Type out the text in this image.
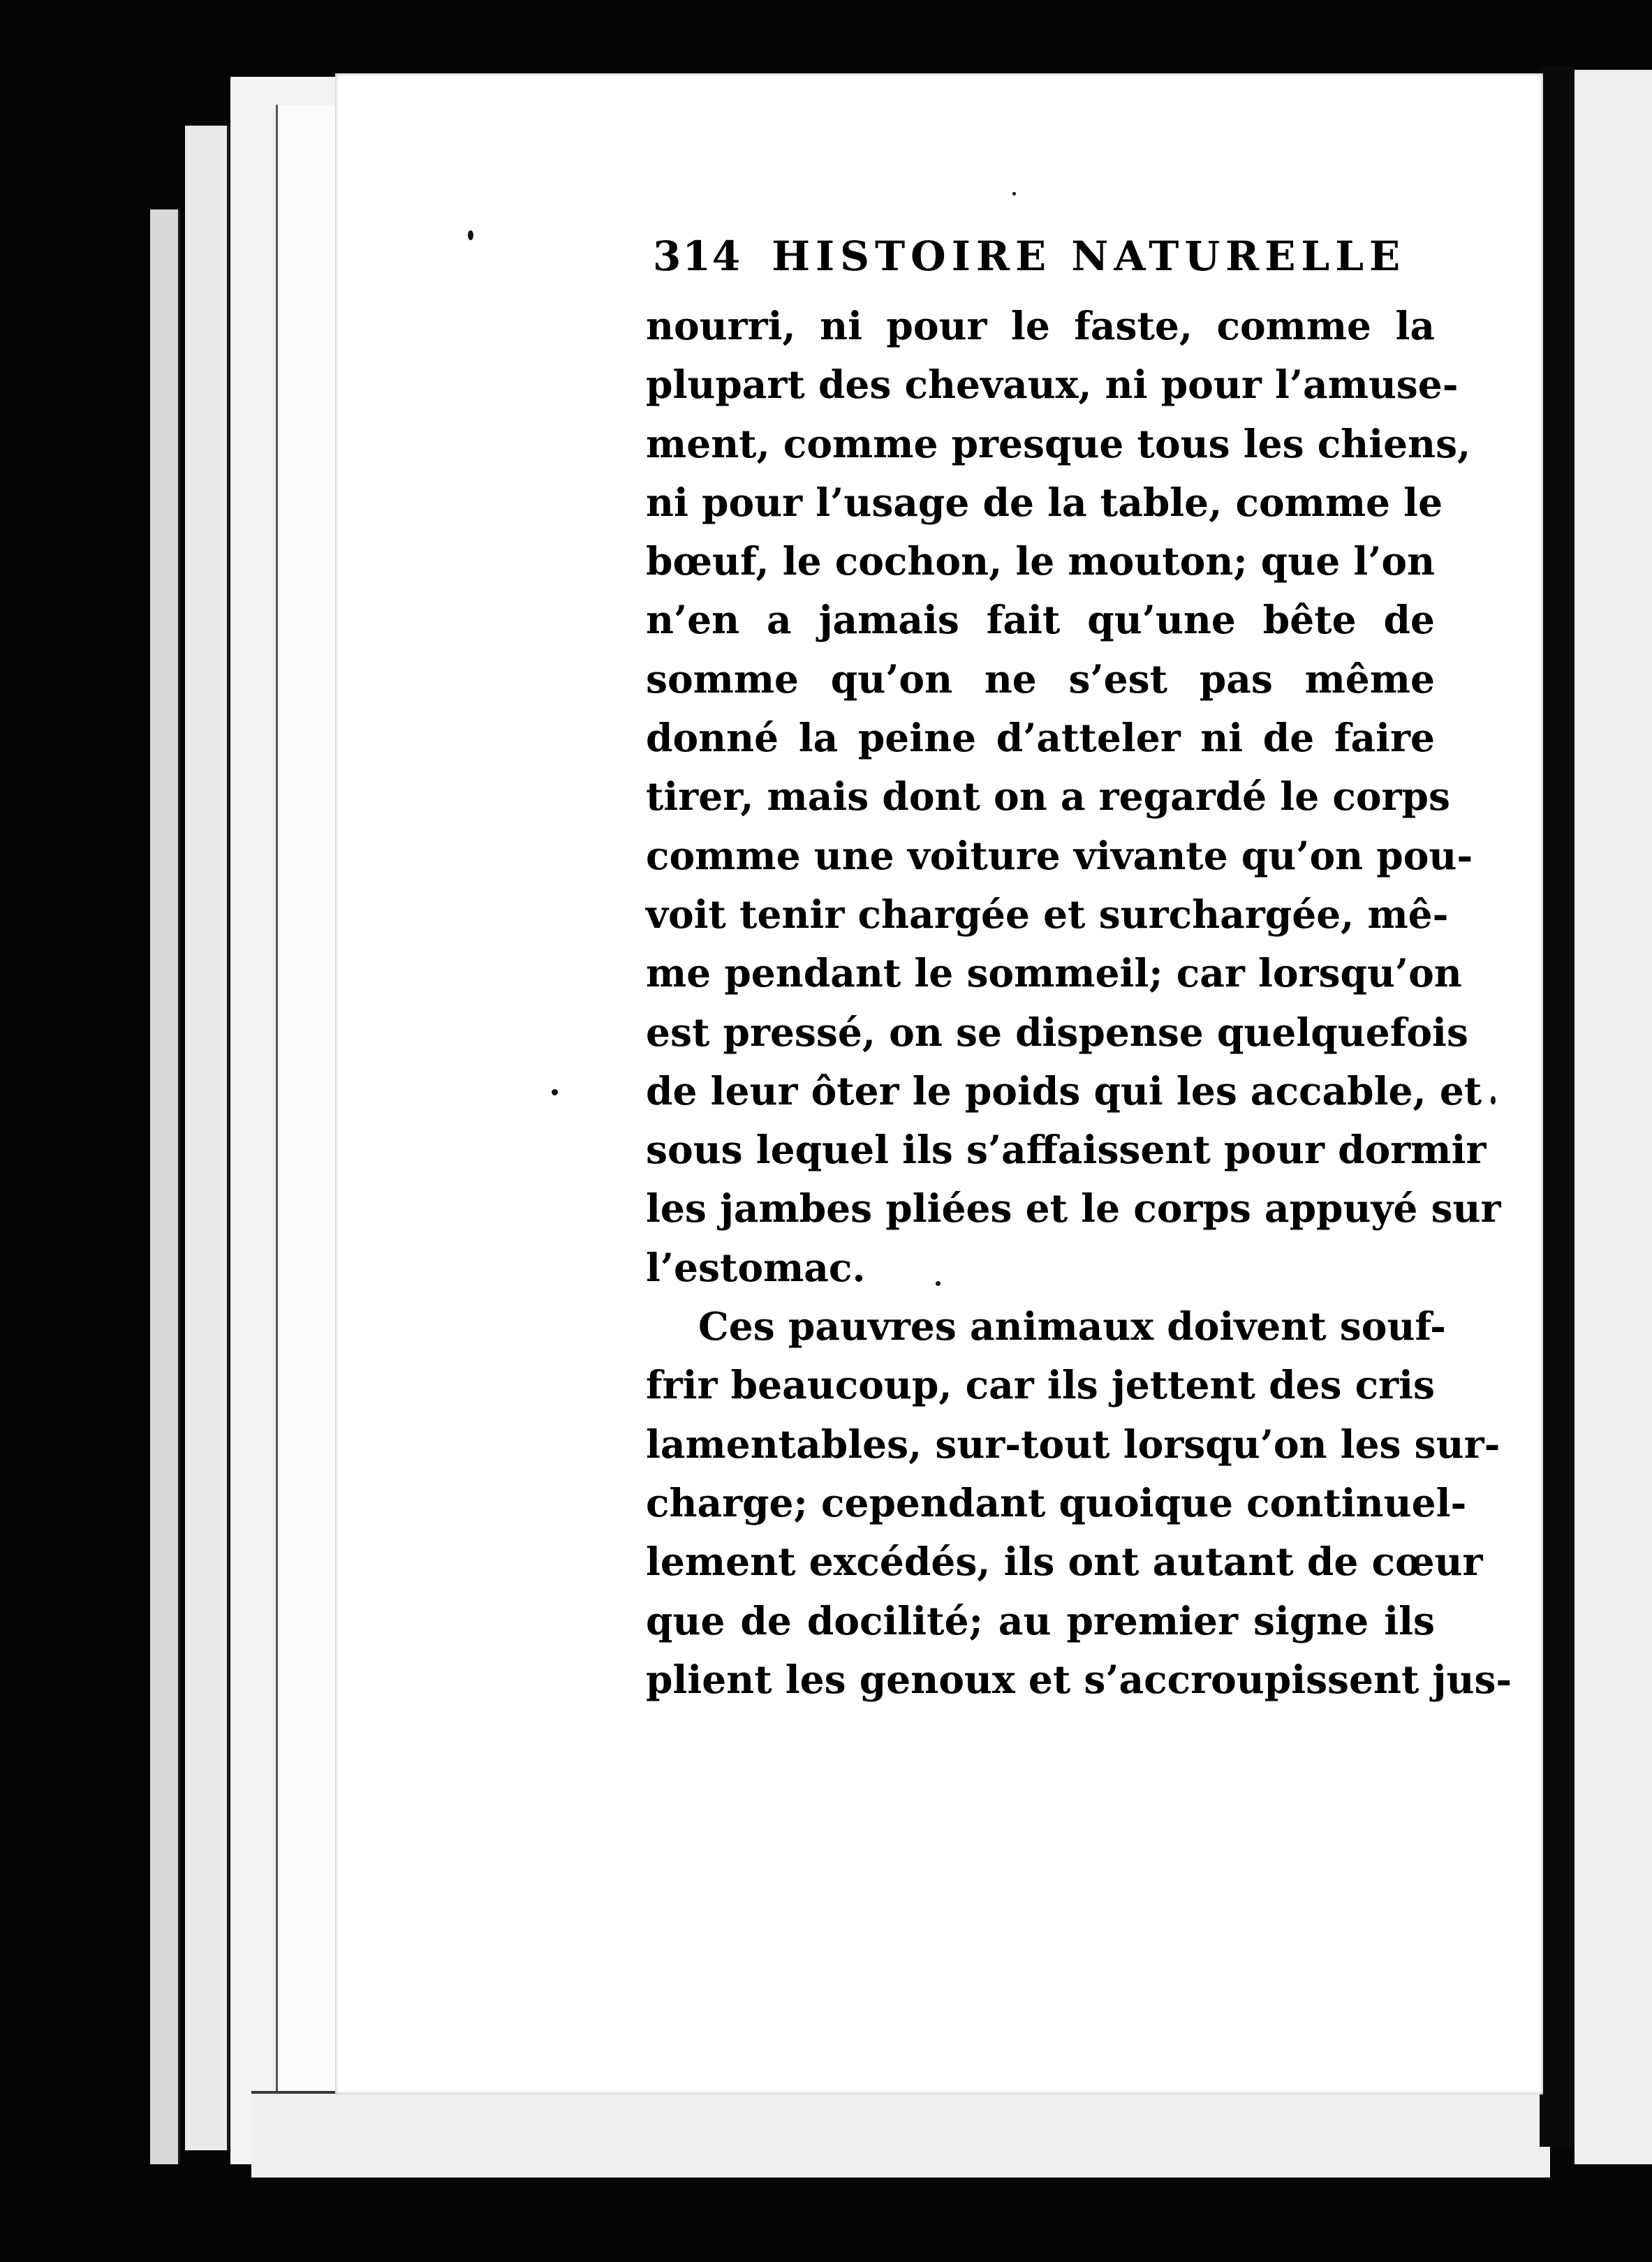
314 HISTOIRE NATURELLE
nourri, ni pour le faste, comme la
plupart des chevaux, ni pour l’amuse-
ment, comme presque tous les chiens,
ni pour l’usage de la table, comme le
bœuf, le cochon, le mouton; que l’on
n’en a jamais fait qu’une bête de
somme qu’on ne s’est pas même
donné la peine d’atteler ni de faire
tirer, mais dont on a regardé le corps
comme une voiture vivante qu’on pou-
voit tenir chargée et surchargée, mê-
me pendant le sommeil; car lorsqu’on
est pressé, on se dispense quelquefois
de leur ôter le poids qui les accable, et
sous lequel ils s’affaissent pour dormir
les jambes pliées et le corps appuyé sur
l’estomac.
Ces pauvres animaux doivent souf-
frir beaucoup, car ils jettent des cris
lamentables, sur-tout lorsqu’on les sur-
charge; cependant quoique continuel-
lement excédés, ils ont autant de cœur
que de docilité; au premier signe ils
plient les genoux et s’accroupissent jus-
